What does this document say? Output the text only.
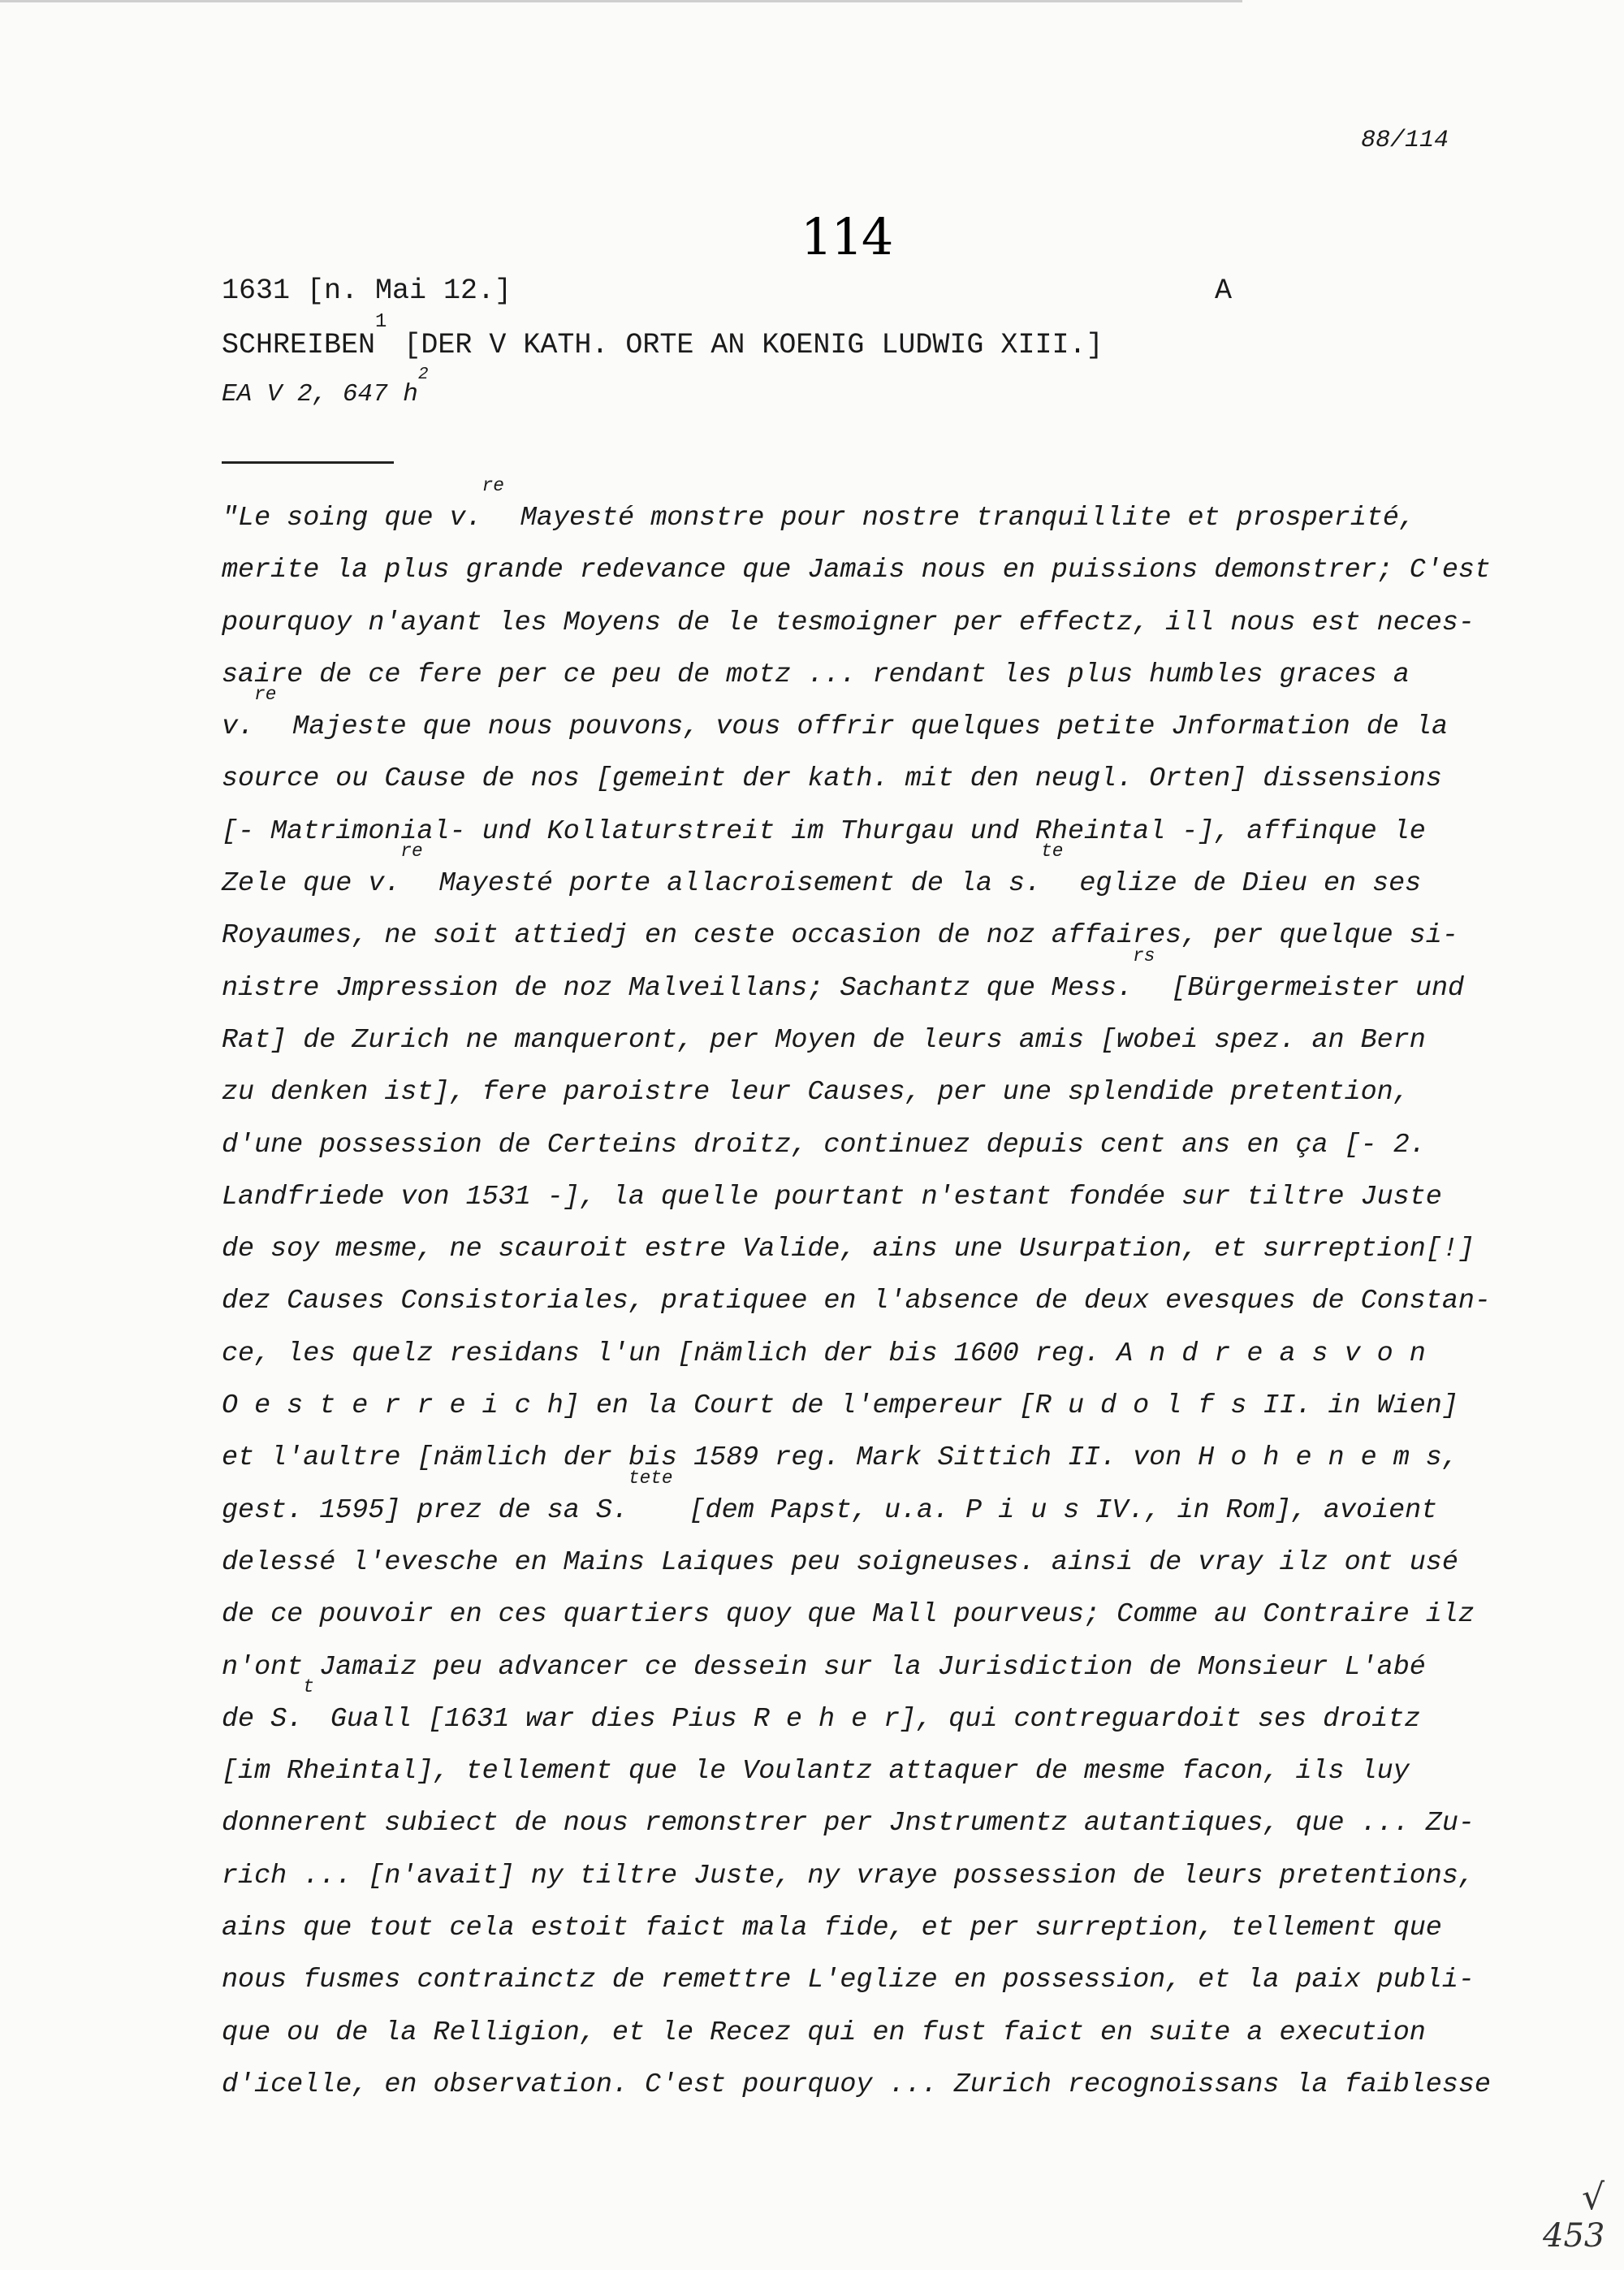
88/114
114
1631 [n. Mai 12.]	A
SCHREIBEN$^1$ [DER V KATH. ORTE AN KOENIG LUDWIG XIII.]
EA V 2, 647 $h^2$
"Le soing que v.$^{re}$ Mayesté monstre pour nostre tranquillite et prosperité,
merite la plus grande redevance que Jamais nous en puissions demonstrer; C'est
pourquoy n'ayant les Moyens de le tesmoigner per effectz, ill nous est neces-
saire de ce fere per ce peu de motz ... rendant les plus humbles graces a
v.$^{re}$ Majeste que nous pouvons, vous offrir quelques petite Jnformation de la
source ou Cause de nos [gemeint der kath. mit den neugl. Orten] dissensions
[- Matrimonial- und Kollaturstreit im Thurgau und Rheintal -], affinque le
Zele que v.$^{re}$ Mayesté porte allacroisement de la s.$^{te}$ eglize de Dieu en ses
Royaumes, ne soit attiedj en ceste occasion de noz affaires, per quelque si-
nistre Jmpression de noz Malveillans; Sachantz que Mess.$^{rs}$ [Bürgermeister und
Rat] de Zurich ne manqueront, per Moyen de leurs amis [wobei spez. an Bern
zu denken ist], fere paroistre leur Causes, per une splendide pretention,
d'une possession de Certeins droitz, continuez depuis cent ans en ça [- 2.
Landfriede von 1531 -], la quelle pourtant n'estant fondée sur tiltre Juste
de soy mesme, ne scauroit estre Valide, ains une Usurpation, et surreption[!]
dez Causes Consistoriales, pratiquee en l'absence de deux evesques de Constan-
ce, les quelz residans l'un [nämlich der bis 1600 reg. A n d r e a s v o n
O e s t e r r e i c h] en la Court de l'empereur [R u d o l f s II. in Wien]
et l'aultre [nämlich der bis 1589 reg. Mark Sittich II. von H o h e n e m s,
gest. 1595] prez de sa S.$^{tete}$ [dem Papst, u.a. P i u s IV., in Rom], avoient
delessé l'evesche en Mains Laiques peu soigneuses. ainsi de vray ilz ont usé
de ce pouvoir en ces quartiers quoy que Mall pourveus; Comme au Contraire ilz
n'ont Jamaiz peu advancer ce dessein sur la Jurisdiction de Monsieur L'abé
de S.$^t$ Guall [1631 war dies Pius R e h e r], qui contreguardoit ses droitz
[im Rheintal], tellement que le Voulantz attaquer de mesme facon, ils luy
donnerent subiect de nous remonstrer per Jnstrumentz autantiques, que ... Zu-
rich ... [n'avait] ny tiltre Juste, ny vraye possession de leurs pretentions,
ains que tout cela estoit faict mala fide, et per surreption, tellement que
nous fusmes contrainctz de remettre L'eglize en possession, et la paix publi-
que ou de la Relligion, et le Recez qui en fust faict en suite a execution
d'icelle, en observation. C'est pourquoy ... Zurich recognoissans la faiblesse
√
453
